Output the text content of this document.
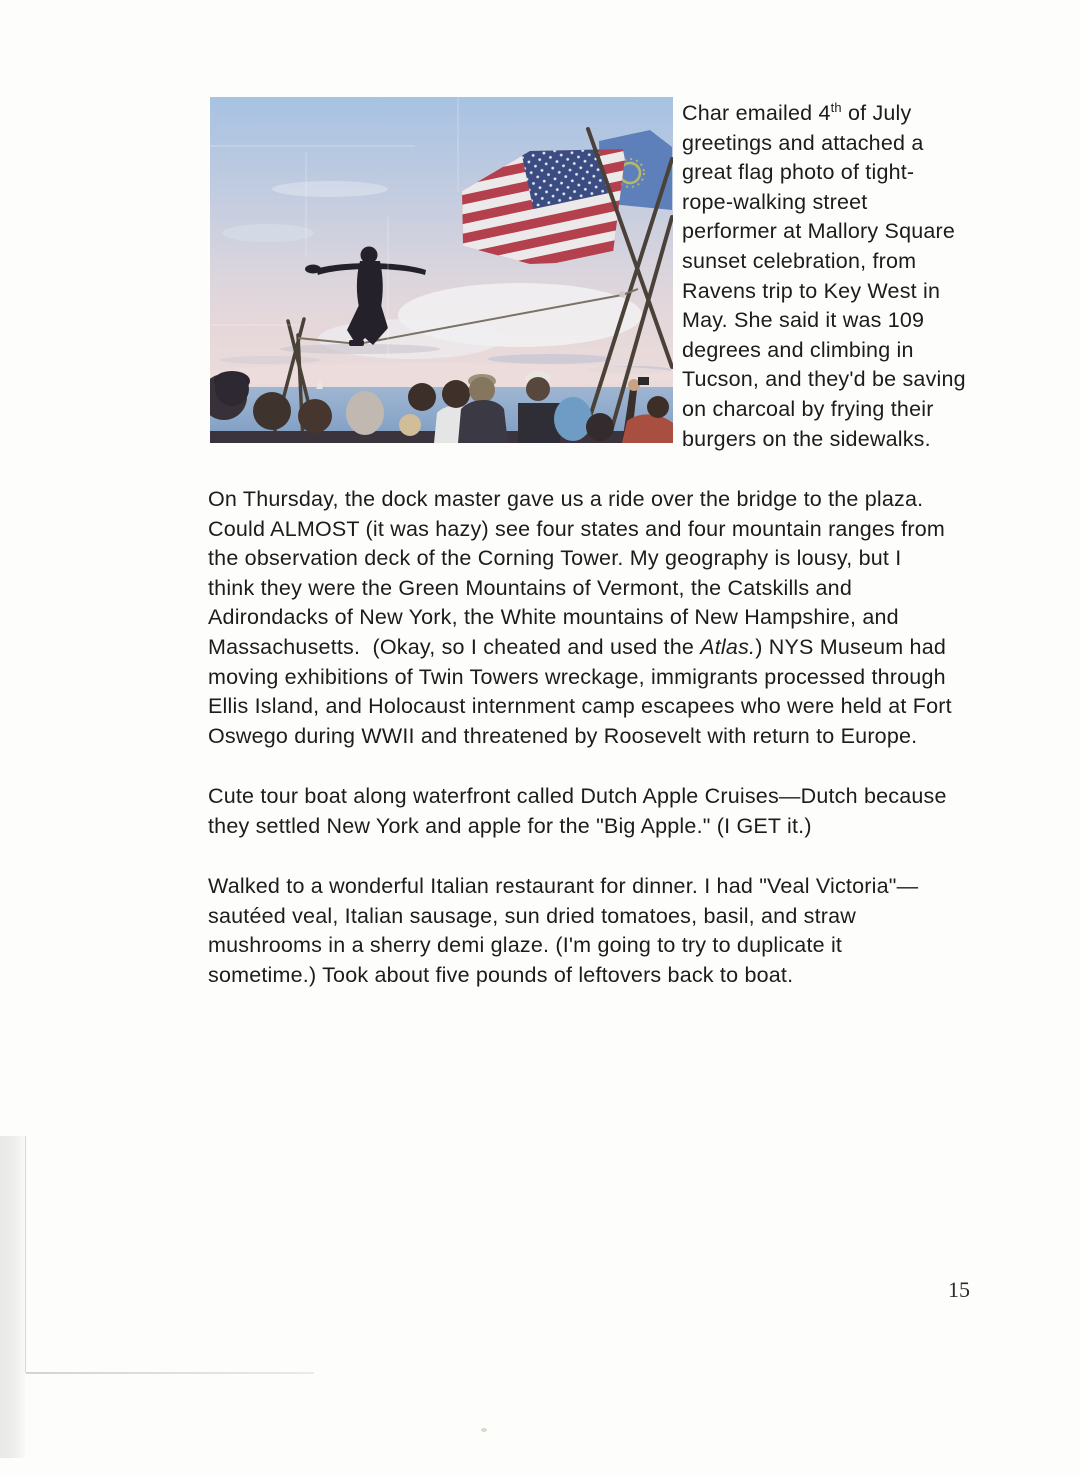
Char emailed 4th of July
greetings and attached a
great flag photo of tight-
rope-walking street
performer at Mallory Square
sunset celebration, from
Ravens trip to Key West in
May. She said it was 109
degrees and climbing in
Tucson, and they'd be saving
on charcoal by frying their
burgers on the sidewalks.
On Thursday, the dock master gave us a ride over the bridge to the plaza.
Could ALMOST (it was hazy) see four states and four mountain ranges from
the observation deck of the Corning Tower. My geography is lousy, but I
think they were the Green Mountains of Vermont, the Catskills and
Adirondacks of New York, the White mountains of New Hampshire, and
Massachusetts.  (Okay, so I cheated and used the Atlas.) NYS Museum had
moving exhibitions of Twin Towers wreckage, immigrants processed through
Ellis Island, and Holocaust internment camp escapees who were held at Fort
Oswego during WWII and threatened by Roosevelt with return to Europe.
Cute tour boat along waterfront called Dutch Apple Cruises—Dutch because
they settled New York and apple for the "Big Apple." (I GET it.)
Walked to a wonderful Italian restaurant for dinner. I had "Veal Victoria"—
sautéed veal, Italian sausage, sun dried tomatoes, basil, and straw
mushrooms in a sherry demi glaze. (I'm going to try to duplicate it
sometime.) Took about five pounds of leftovers back to boat.
15
